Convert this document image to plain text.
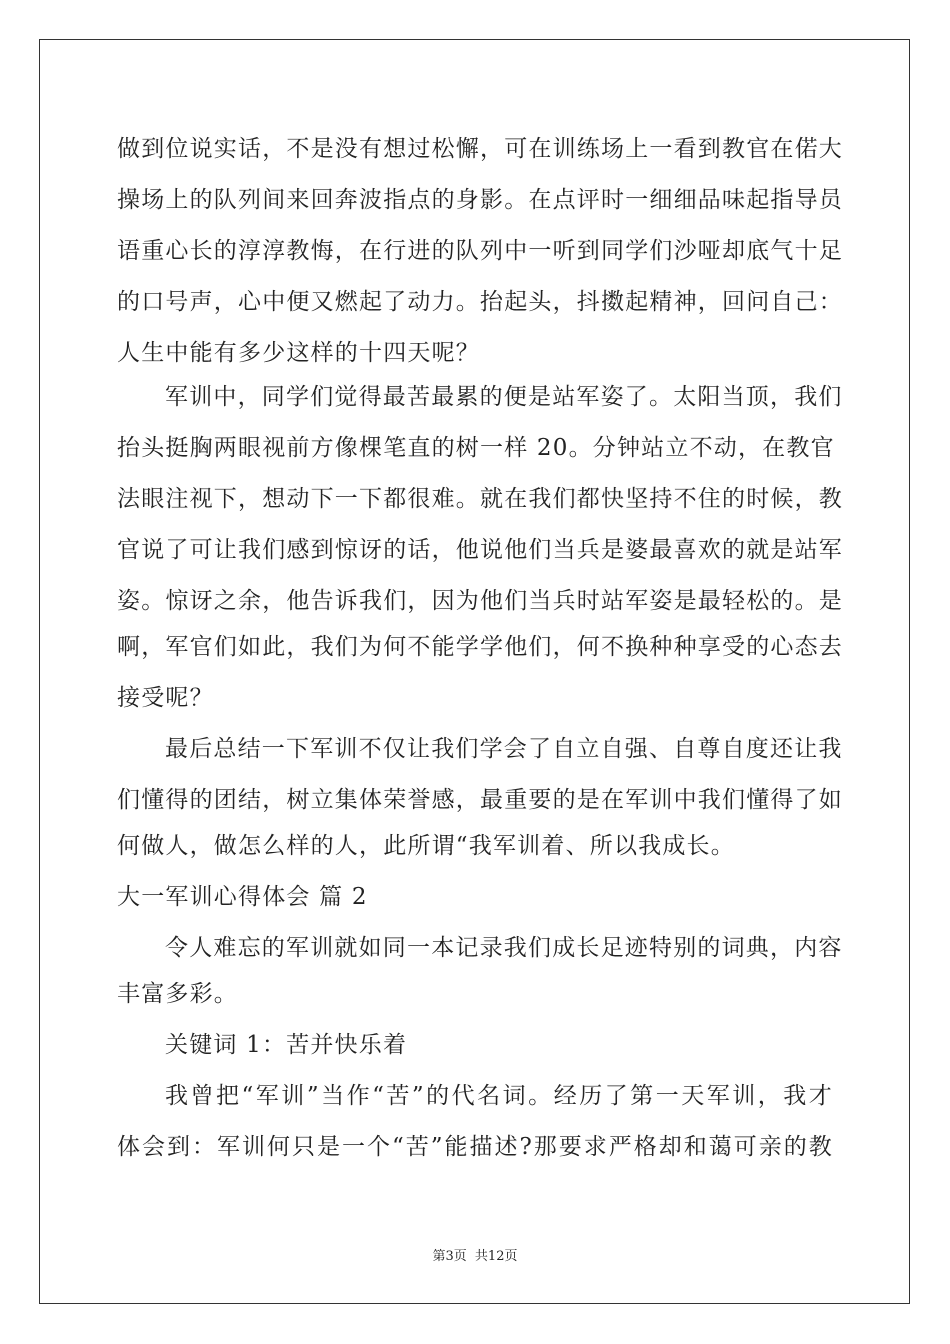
做到位说实话，不是没有想过松懈，可在训练场上一看到教官在偌大
操场上的队列间来回奔波指点的身影。在点评时一细细品味起指导员
语重心长的淳淳教悔，在行进的队列中一听到同学们沙哑却底气十足
的口号声，心中便又燃起了动力。抬起头，抖擞起精神，回问自己：
人生中能有多少这样的十四天呢？
军训中，同学们觉得最苦最累的便是站军姿了。太阳当顶，我们
抬头挺胸两眼视前方像棵笔直的树一样 20。分钟站立不动，在教官
法眼注视下，想动下一下都很难。就在我们都快坚持不住的时候，教
官说了可让我们感到惊讶的话，他说他们当兵是婆最喜欢的就是站军
姿。惊讶之余，他告诉我们，因为他们当兵时站军姿是最轻松的。是
啊，军官们如此，我们为何不能学学他们，何不换种种享受的心态去
接受呢？
最后总结一下军训不仅让我们学会了自立自强、自尊自度还让我
们懂得的团结，树立集体荣誉感，最重要的是在军训中我们懂得了如
何做人，做怎么样的人，此所谓“我军训着、所以我成长。
大一军训心得体会 篇 2
令人难忘的军训就如同一本记录我们成长足迹特别的词典，内容
丰富多彩。
关键词 1：苦并快乐着
我曾把“军训”当作“苦”的代名词。经历了第一天军训，我才
体会到：军训何只是一个“苦”能描述?那要求严格却和蔼可亲的教
第3页 共12页
